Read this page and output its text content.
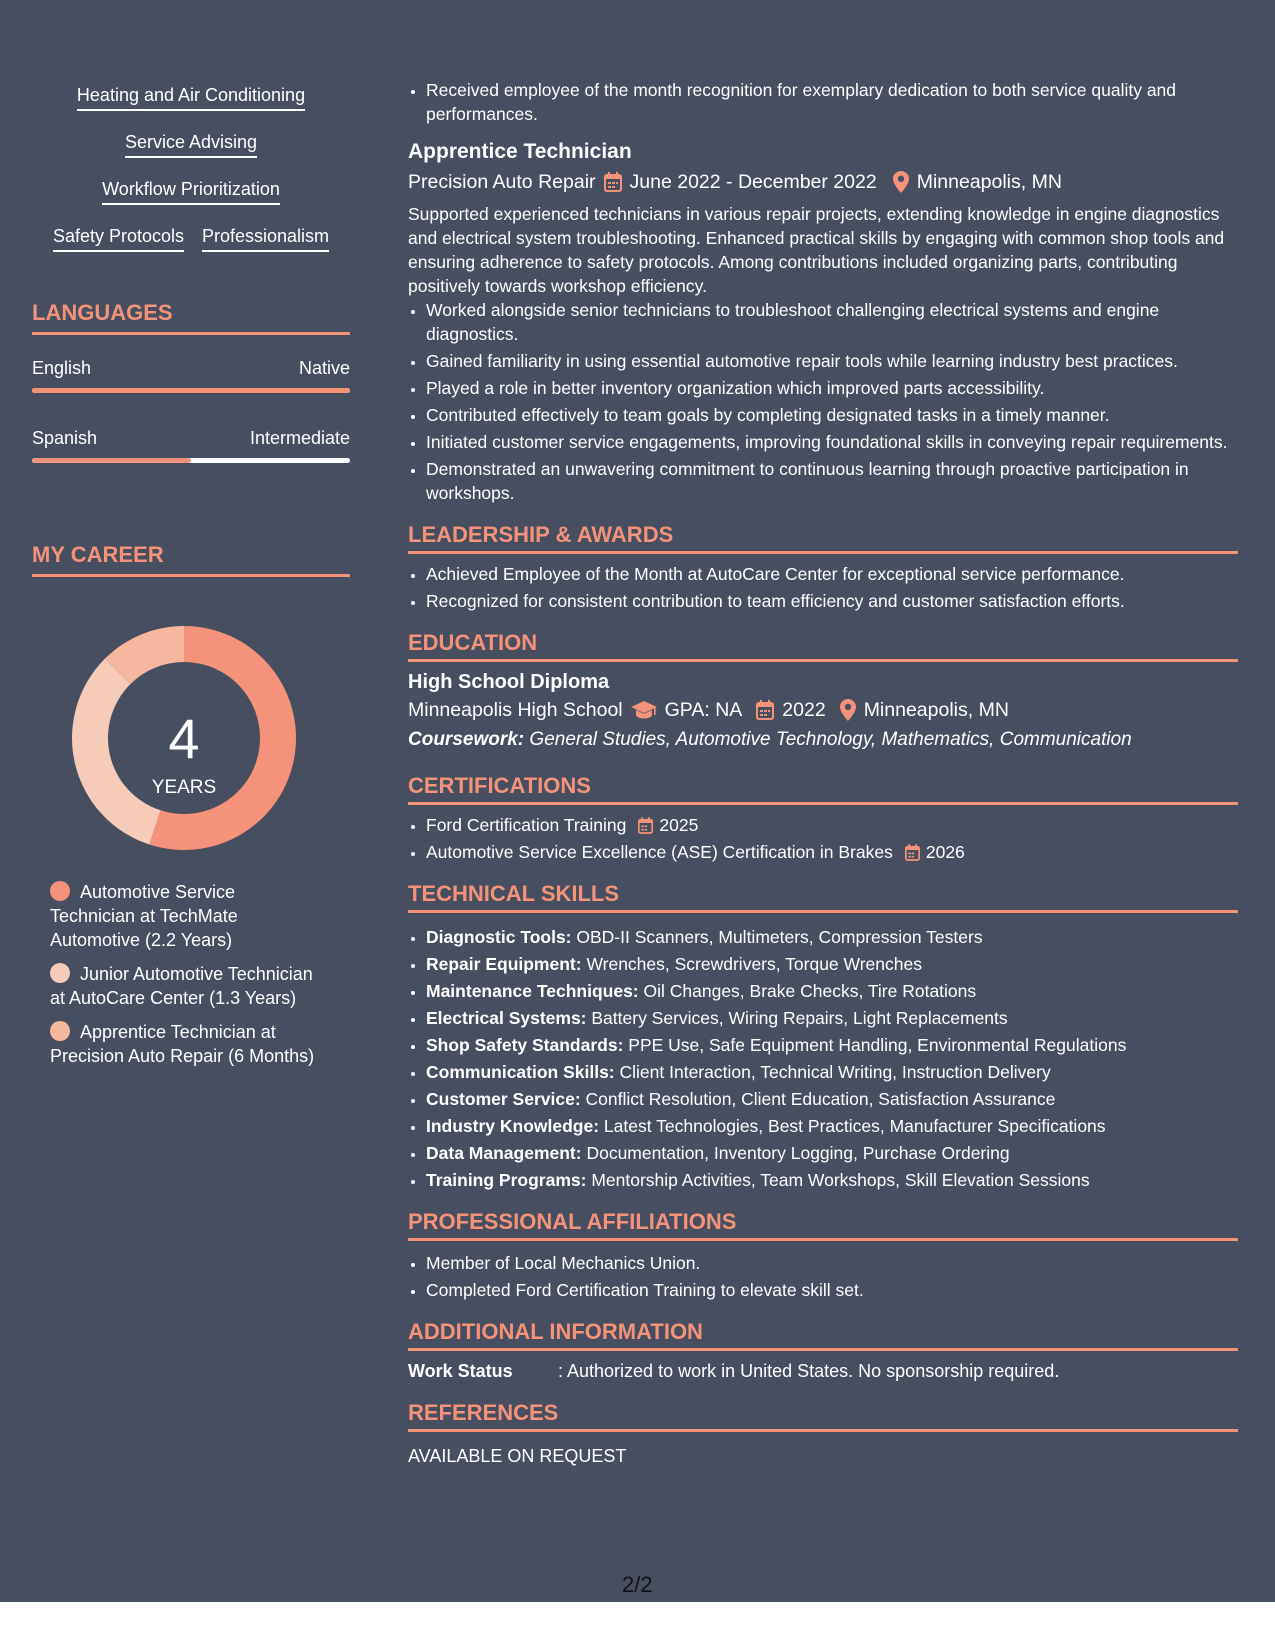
Heating and Air Conditioning
Service Advising
Workflow Prioritization
Safety Protocols Professionalism
LANGUAGES
English	Native
Spanish	Intermediate
MY CAREER
4
YEARS
Automotive Service Technician at TechMate Automotive (2.2 Years)
Junior Automotive Technician at AutoCare Center (1.3 Years)
Apprentice Technician at Precision Auto Repair (6 Months)
• Received employee of the month recognition for exemplary dedication to both service quality and performances.
Apprentice Technician
Precision Auto Repair June 2022 - December 2022 Minneapolis, MN
Supported experienced technicians in various repair projects, extending knowledge in engine diagnostics and electrical system troubleshooting. Enhanced practical skills by engaging with common shop tools and ensuring adherence to safety protocols. Among contributions included organizing parts, contributing positively towards workshop efficiency.
• Worked alongside senior technicians to troubleshoot challenging electrical systems and engine diagnostics.
• Gained familiarity in using essential automotive repair tools while learning industry best practices.
• Played a role in better inventory organization which improved parts accessibility.
• Contributed effectively to team goals by completing designated tasks in a timely manner.
• Initiated customer service engagements, improving foundational skills in conveying repair requirements.
• Demonstrated an unwavering commitment to continuous learning through proactive participation in workshops.
LEADERSHIP & AWARDS
• Achieved Employee of the Month at AutoCare Center for exceptional service performance.
• Recognized for consistent contribution to team efficiency and customer satisfaction efforts.
EDUCATION
High School Diploma
Minneapolis High School GPA: NA 2022 Minneapolis, MN
Coursework: General Studies, Automotive Technology, Mathematics, Communication
CERTIFICATIONS
• Ford Certification Training 2025
• Automotive Service Excellence (ASE) Certification in Brakes 2026
TECHNICAL SKILLS
• Diagnostic Tools: OBD-II Scanners, Multimeters, Compression Testers
• Repair Equipment: Wrenches, Screwdrivers, Torque Wrenches
• Maintenance Techniques: Oil Changes, Brake Checks, Tire Rotations
• Electrical Systems: Battery Services, Wiring Repairs, Light Replacements
• Shop Safety Standards: PPE Use, Safe Equipment Handling, Environmental Regulations
• Communication Skills: Client Interaction, Technical Writing, Instruction Delivery
• Customer Service: Conflict Resolution, Client Education, Satisfaction Assurance
• Industry Knowledge: Latest Technologies, Best Practices, Manufacturer Specifications
• Data Management: Documentation, Inventory Logging, Purchase Ordering
• Training Programs: Mentorship Activities, Team Workshops, Skill Elevation Sessions
PROFESSIONAL AFFILIATIONS
• Member of Local Mechanics Union.
• Completed Ford Certification Training to elevate skill set.
ADDITIONAL INFORMATION
Work Status	: Authorized to work in United States. No sponsorship required.
REFERENCES
AVAILABLE ON REQUEST
2/2
